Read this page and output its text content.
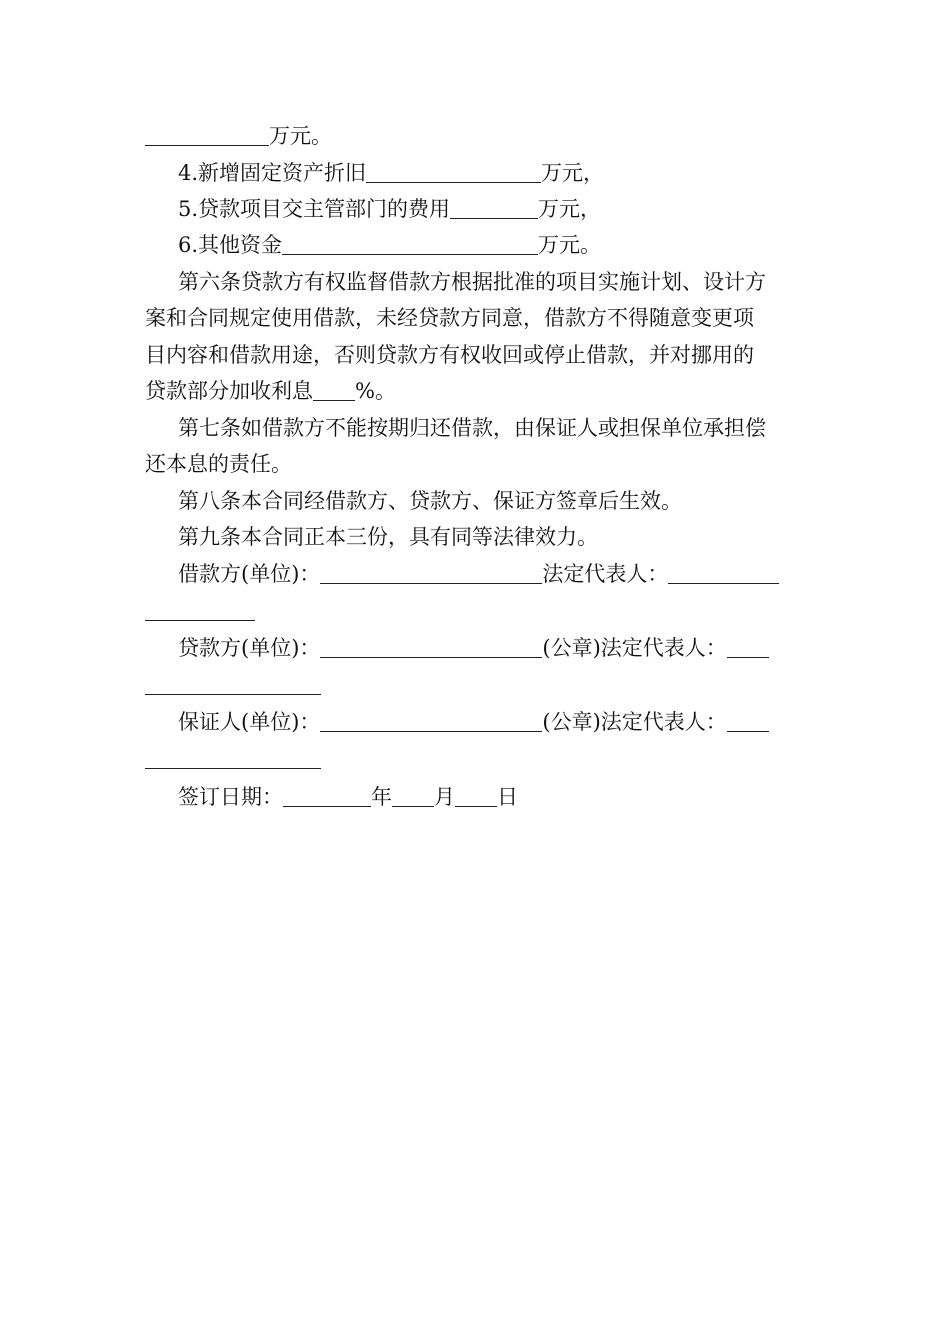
万元。
4.新增固定资产折旧	万元，
5.贷款项目交主管部门的费用	万元，
6.其他资金	万元。
第六条贷款方有权监督借款方根据批准的项目实施计划、设计方
案和合同规定使用借款，未经贷款方同意，借款方不得随意变更项
目内容和借款用途，否则贷款方有权收回或停止借款，并对挪用的
贷款部分加收利息 %。
第七条如借款方不能按期归还借款，由保证人或担保单位承担偿
还本息的责任。
第八条本合同经借款方、贷款方、保证方签章后生效。
第九条本合同正本三份，具有同等法律效力。
借款方(单位)：	法定代表人：
贷款方(单位)：	(公章)法定代表人：
保证人(单位)：	(公章)法定代表人：
签订日期：	年 月 日
